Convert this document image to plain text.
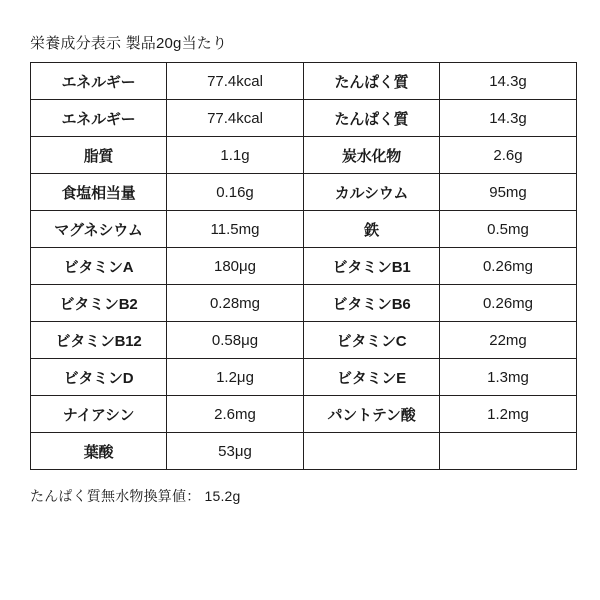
栄養成分表示 製品20g当たり
エネルギー	77.4kcal	たんぱく質	14.3g
エネルギー	77.4kcal	たんぱく質	14.3g
脂質	1.1g	炭水化物	2.6g
食塩相当量	0.16g	カルシウム	95mg
マグネシウム	11.5mg	鉄	0.5mg
ビタミンA	180μg	ビタミンB1	0.26mg
ビタミンB2	0.28mg	ビタミンB6	0.26mg
ビタミンB12	0.58μg	ビタミンC	22mg
ビタミンD	1.2μg	ビタミンE	1.3mg
ナイアシン	2.6mg	パントテン酸	1.2mg
葉酸	53μg		
たんぱく質無水物換算値： 15.2g
